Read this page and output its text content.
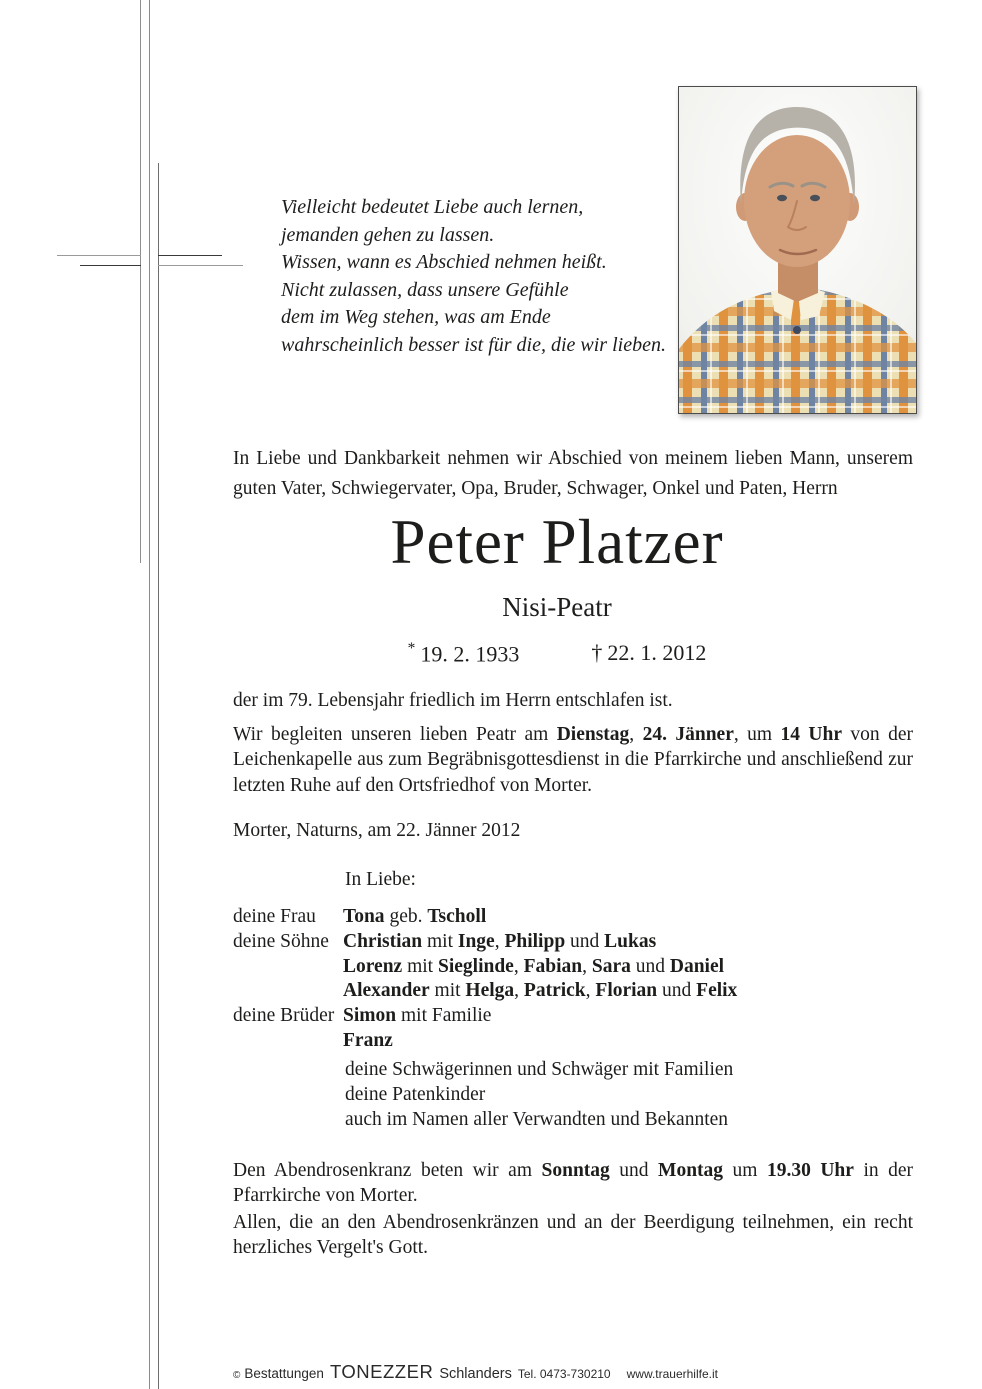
Vielleicht bedeutet Liebe auch lernen,
jemanden gehen zu lassen.
Wissen, wann es Abschied nehmen heißt.
Nicht zulassen, dass unsere Gefühle
dem im Weg stehen, was am Ende
wahrscheinlich besser ist für die, die wir lieben.
In Liebe und Dankbarkeit nehmen wir Abschied von meinem lieben Mann, unserem guten Vater, Schwiegervater, Opa, Bruder, Schwager, Onkel und Paten, Herrn
Peter Platzer
Nisi-Peatr
* 19. 2. 1933	† 22. 1. 2012
der im 79. Lebensjahr friedlich im Herrn entschlafen ist.
Wir begleiten unseren lieben Peatr am Dienstag, 24. Jänner, um 14 Uhr von der Leichenkapelle aus zum Begräbnisgottesdienst in die Pfarrkirche und anschließend zur letzten Ruhe auf den Ortsfriedhof von Morter.
Morter, Naturns, am 22. Jänner 2012
In Liebe:
deine Frau	Tona geb. Tscholl
deine Söhne Christian mit Inge, Philipp und Lukas
Lorenz mit Sieglinde, Fabian, Sara und Daniel
Alexander mit Helga, Patrick, Florian und Felix
deine Brüder Simon mit Familie
Franz
deine Schwägerinnen und Schwäger mit Familien
deine Patenkinder
auch im Namen aller Verwandten und Bekannten
Den Abendrosenkranz beten wir am Sonntag und Montag um 19.30 Uhr in der Pfarrkirche von Morter.
Allen, die an den Abendrosenkränzen und an der Beerdigung teilnehmen, ein recht herzliches Vergelt's Gott.
© Bestattungen TONEZZER Schlanders Tel. 0473-730210 www.trauerhilfe.it
